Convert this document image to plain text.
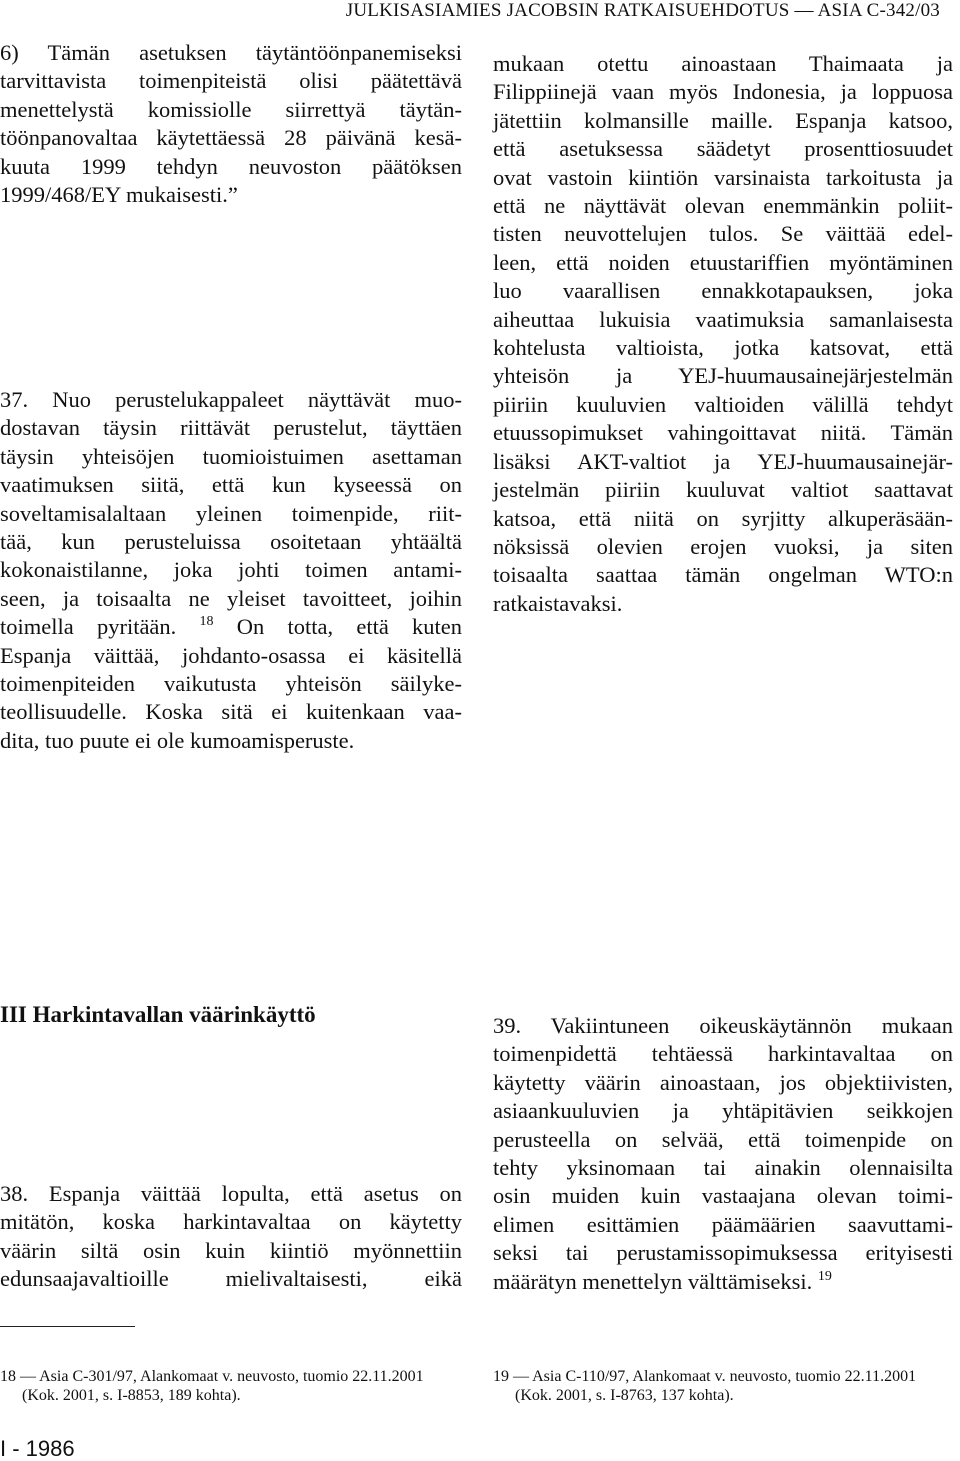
JULKISASIAMIES JACOBSIN RATKAISUEHDOTUS — ASIA C-342/03
6) Tämän asetuksen täytäntöönpanemiseksi
tarvittavista toimenpiteistä olisi päätettävä
menettelystä komissiolle siirrettyä täytän-
töönpanovaltaa käytettäessä 28 päivänä kesä-
kuuta 1999 tehdyn neuvoston päätöksen
1999/468/EY mukaisesti.”
37. Nuo perustelukappaleet näyttävät muo-
dostavan täysin riittävät perustelut, täyttäen
täysin yhteisöjen tuomioistuimen asettaman
vaatimuksen siitä, että kun kyseessä on
soveltamisalaltaan yleinen toimenpide, riit-
tää, kun perusteluissa osoitetaan yhtäältä
kokonaistilanne, joka johti toimen antami-
seen, ja toisaalta ne yleiset tavoitteet, joihin
toimella pyritään. $^{18}$ On totta, että kuten
Espanja väittää, johdanto-osassa ei käsitellä
toimenpiteiden vaikutusta yhteisön säilyke-
teollisuudelle. Koska sitä ei kuitenkaan vaa-
dita, tuo puute ei ole kumoamisperuste.
III Harkintavallan väärinkäyttö
38. Espanja väittää lopulta, että asetus on
mitätön, koska harkintavaltaa on käytetty
väärin siltä osin kuin kiintiö myönnettiin
edunsaajavaltioille mielivaltaisesti, eikä
mukaan otettu ainoastaan Thaimaata ja
Filippiinejä vaan myös Indonesia, ja loppuosa
jätettiin kolmansille maille. Espanja katsoo,
että asetuksessa säädetyt prosenttiosuudet
ovat vastoin kiintiön varsinaista tarkoitusta ja
että ne näyttävät olevan enemmänkin poliit-
tisten neuvottelujen tulos. Se väittää edel-
leen, että noiden etuustariffien myöntäminen
luo vaarallisen ennakkotapauksen, joka
aiheuttaa lukuisia vaatimuksia samanlaisesta
kohtelusta valtioista, jotka katsovat, että
yhteisön ja YEJ-huumausainejärjestelmän
piiriin kuuluvien valtioiden välillä tehdyt
etuussopimukset vahingoittavat niitä. Tämän
lisäksi AKT-valtiot ja YEJ-huumausainejär-
jestelmän piiriin kuuluvat valtiot saattavat
katsoa, että niitä on syrjitty alkuperäsään-
nöksissä olevien erojen vuoksi, ja siten
toisaalta saattaa tämän ongelman WTO:n
ratkaistavaksi.
39. Vakiintuneen oikeuskäytännön mukaan
toimenpidettä tehtäessä harkintavaltaa on
käytetty väärin ainoastaan, jos objektiivisten,
asiaankuuluvien ja yhtäpitävien seikkojen
perusteella on selvää, että toimenpide on
tehty yksinomaan tai ainakin olennaisilta
osin muiden kuin vastaajana olevan toimi-
elimen esittämien päämäärien saavuttami-
seksi tai perustamissopimuksessa erityisesti
määrätyn menettelyn välttämiseksi. $^{19}$
18 — Asia C-301/97, Alankomaat v. neuvosto, tuomio 22.11.2001
(Kok. 2001, s. I-8853, 189 kohta).
19 — Asia C-110/97, Alankomaat v. neuvosto, tuomio 22.11.2001
(Kok. 2001, s. I-8763, 137 kohta).
I - 1986
